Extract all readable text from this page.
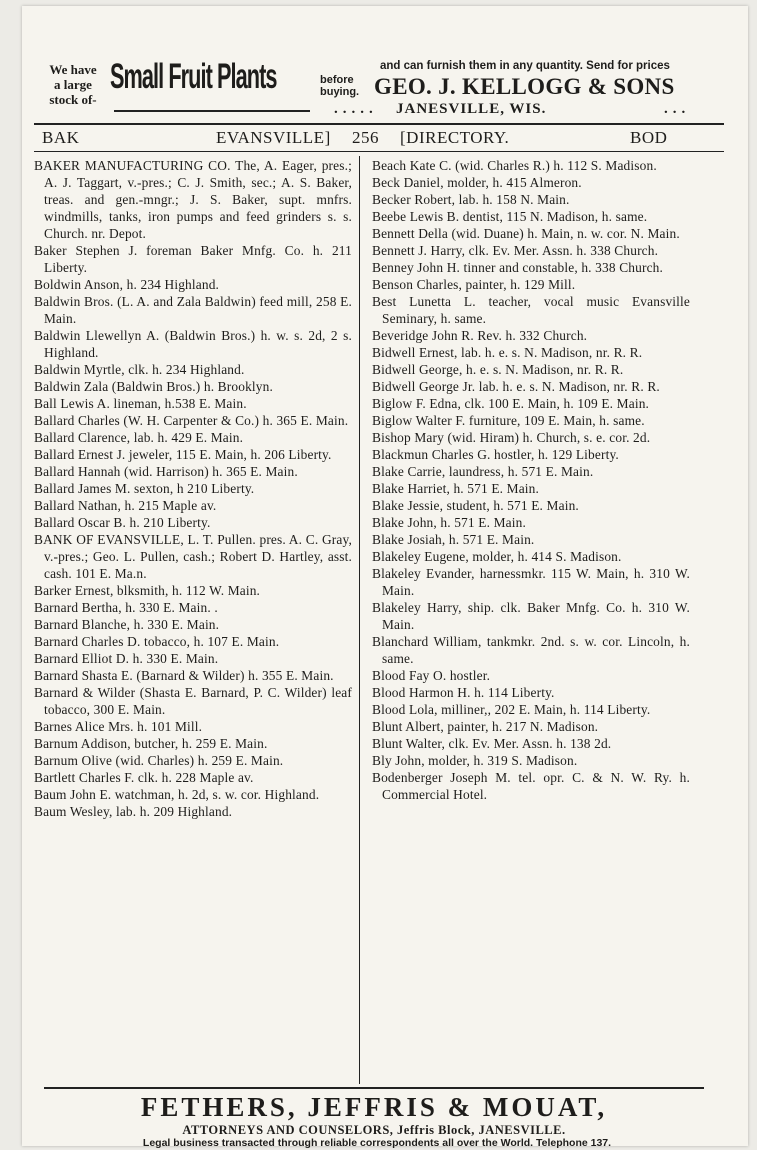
We have
a large
stock of-
Small Fruit Plants	and can furnish them in any quantity. Send for prices
before
buying. GEO. J. KELLOGG & SONS
..... JANESVILLE, WIS.	...
BAK	EVANSVILLE] 256 [DIRECTORY.	BOD
BAKER MANUFACTURING CO. The, A. Eager, pres.; A. J. Taggart, v.-pres.; C. J. Smith, sec.; A. S. Baker, treas. and gen.-mngr.; J. S. Baker, supt. mnfrs. windmills, tanks, iron pumps and feed grinders s. s. Church. nr. Depot.
Baker Stephen J. foreman Baker Mnfg. Co. h. 211 Liberty.
Boldwin Anson, h. 234 Highland.
Baldwin Bros. (L. A. and Zala Baldwin) feed mill, 258 E. Main.
Baldwin Llewellyn A. (Baldwin Bros.) h. w. s. 2d, 2 s. Highland.
Baldwin Myrtle, clk. h. 234 Highland.
Baldwin Zala (Baldwin Bros.) h. Brooklyn.
Ball Lewis A. lineman, h.538 E. Main.
Ballard Charles (W. H. Carpenter & Co.) h. 365 E. Main.
Ballard Clarence, lab. h. 429 E. Main.
Ballard Ernest J. jeweler, 115 E. Main, h. 206 Liberty.
Ballard Hannah (wid. Harrison) h. 365 E. Main.
Ballard James M. sexton, h 210 Liberty.
Ballard Nathan, h. 215 Maple av.
Ballard Oscar B. h. 210 Liberty.
BANK OF EVANSVILLE, L. T. Pullen. pres. A. C. Gray, v.-pres.; Geo. L. Pullen, cash.; Robert D. Hartley, asst. cash. 101 E. Ma.n.
Barker Ernest, blksmith, h. 112 W. Main.
Barnard Bertha, h. 330 E. Main. .
Barnard Blanche, h. 330 E. Main.
Barnard Charles D. tobacco, h. 107 E. Main.
Barnard Elliot D. h. 330 E. Main.
Barnard Shasta E. (Barnard & Wilder) h. 355 E. Main.
Barnard & Wilder (Shasta E. Barnard, P. C. Wilder) leaf tobacco, 300 E. Main.
Barnes Alice Mrs. h. 101 Mill.
Barnum Addison, butcher, h. 259 E. Main.
Barnum Olive (wid. Charles) h. 259 E. Main.
Bartlett Charles F. clk. h. 228 Maple av.
Baum John E. watchman, h. 2d, s. w. cor. Highland.
Baum Wesley, lab. h. 209 Highland.
Beach Kate C. (wid. Charles R.) h. 112 S. Madison.
Beck Daniel, molder, h. 415 Almeron.
Becker Robert, lab. h. 158 N. Main.
Beebe Lewis B. dentist, 115 N. Madison, h. same.
Bennett Della (wid. Duane) h. Main, n. w. cor. N. Main.
Bennett J. Harry, clk. Ev. Mer. Assn. h. 338 Church.
Benney John H. tinner and constable, h. 338 Church.
Benson Charles, painter, h. 129 Mill.
Best Lunetta L. teacher, vocal music Evansville Seminary, h. same.
Beveridge John R. Rev. h. 332 Church.
Bidwell Ernest, lab. h. e. s. N. Madison, nr. R. R.
Bidwell George, h. e. s. N. Madison, nr. R. R.
Bidwell George Jr. lab. h. e. s. N. Madison, nr. R. R.
Biglow F. Edna, clk. 100 E. Main, h. 109 E. Main.
Biglow Walter F. furniture, 109 E. Main, h. same.
Bishop Mary (wid. Hiram) h. Church, s. e. cor. 2d.
Blackmun Charles G. hostler, h. 129 Liberty.
Blake Carrie, laundress, h. 571 E. Main.
Blake Harriet, h. 571 E. Main.
Blake Jessie, student, h. 571 E. Main.
Blake John, h. 571 E. Main.
Blake Josiah, h. 571 E. Main.
Blakeley Eugene, molder, h. 414 S. Madison.
Blakeley Evander, harnessmkr. 115 W. Main, h. 310 W. Main.
Blakeley Harry, ship. clk. Baker Mnfg. Co. h. 310 W. Main.
Blanchard William, tankmkr. 2nd. s. w. cor. Lincoln, h. same.
Blood Fay O. hostler.
Blood Harmon H. h. 114 Liberty.
Blood Lola, milliner,, 202 E. Main, h. 114 Liberty.
Blunt Albert, painter, h. 217 N. Madison.
Blunt Walter, clk. Ev. Mer. Assn. h. 138 2d.
Bly John, molder, h. 319 S. Madison.
Bodenberger Joseph M. tel. opr. C. & N. W. Ry. h. Commercial Hotel.
FETHERS, JEFFRIS & MOUAT,
ATTORNEYS AND COUNSELORS, Jeffris Block, JANESVILLE.
Legal business transacted through reliable correspondents all over the World. Telephone 137.
